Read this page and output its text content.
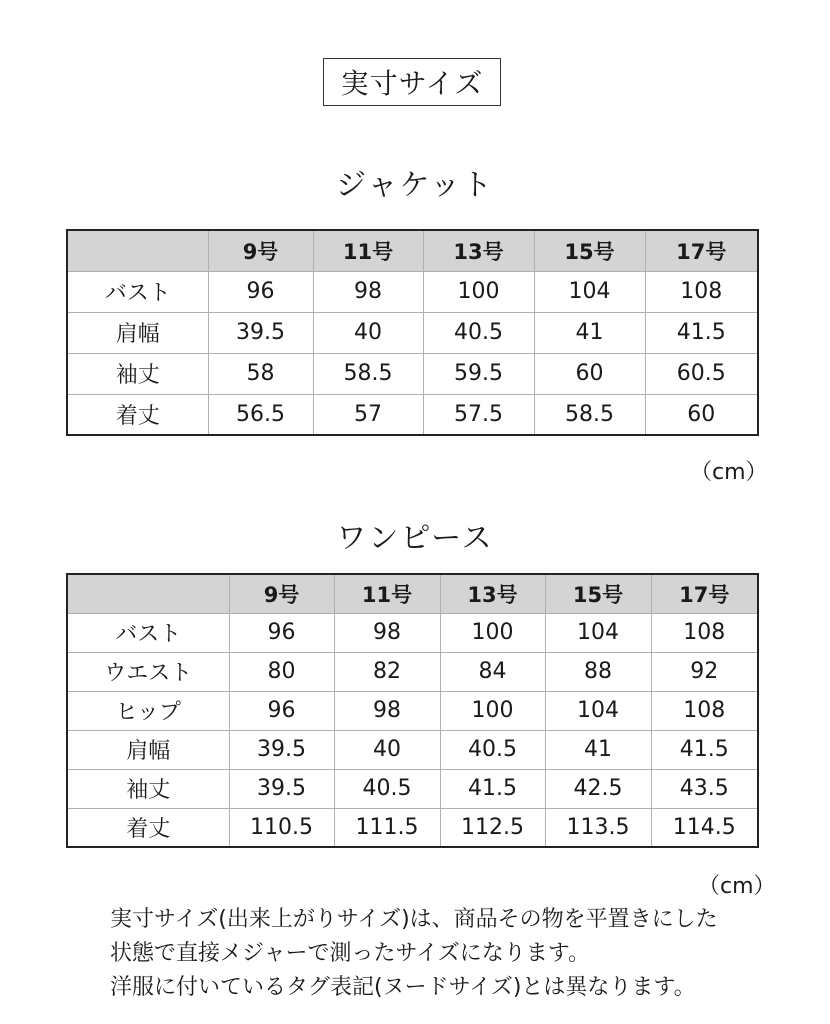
実寸サイズ
ジャケット
	9号	11号	13号	15号	17号
バスト	96	98	100	104	108
肩幅	39.5	40	40.5	41	41.5
袖丈	58	58.5	59.5	60	60.5
着丈	56.5	57	57.5	58.5	60
（cm）
ワンピース
	9号	11号	13号	15号	17号
バスト	96	98	100	104	108
ウエスト	80	82	84	88	92
ヒップ	96	98	100	104	108
肩幅	39.5	40	40.5	41	41.5
袖丈	39.5	40.5	41.5	42.5	43.5
着丈	110.5	111.5	112.5	113.5	114.5
（cm）

実寸サイズ(出来上がりサイズ)は、商品その物を平置きにした

状態で直接メジャーで測ったサイズになります。

洋服に付いているタグ表記(ヌードサイズ)とは異なります。
